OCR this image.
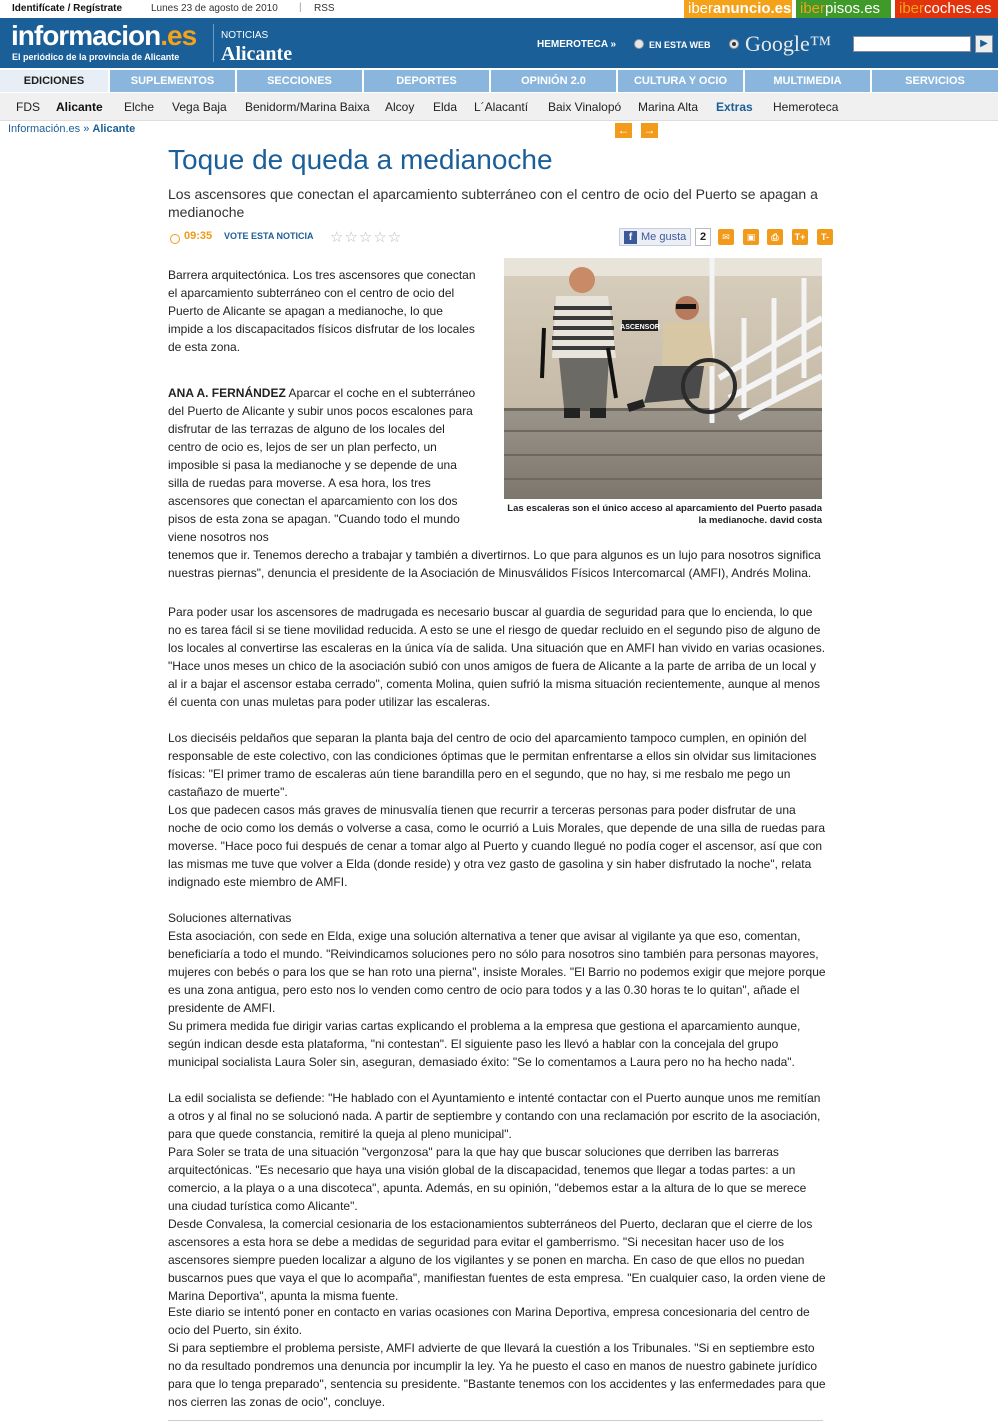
Identifícate / Regístrate	Lunes 23 de agosto de 2010 | RSS	iberanuncio.es iberpisos.es	ibercoches.es
informacion.es
El periódico de la provincia de Alicante
NOTICIAS
Alicante	HEMEROTECA »	EN ESTA WEB Google™	▶
EDICIONES	SUPLEMENTOS	SECCIONES	DEPORTES	OPINIÓN 2.0	CULTURA Y OCIO	MULTIMEDIA	SERVICIOS
FDS Alicante Elche Vega Baja Benidorm/Marina Baixa Alcoy Elda L´Alacantí Baix Vinalopó Marina Alta Extras Hemeroteca
Información.es » Alicante	← →
Toque de queda a medianoche
Los ascensores que conectan el aparcamiento subterráneo con el centro de ocio del Puerto se apagan a medianoche
09:35 VOTE ESTA NOTICIA ☆☆☆☆☆	f Me gusta	2	✉	▣	⎙	T+	T-
ASCENSOR
Las escaleras son el único acceso al aparcamiento del Puerto pasada la medianoche. david costa

Barrera arquitectónica. Los tres ascensores que conectan el aparcamiento subterráneo con el centro de ocio del Puerto de Alicante se apagan a medianoche, lo que impide a los discapacitados físicos disfrutar de los locales de esta zona.

ANA A. FERNÁNDEZ Aparcar el coche en el subterráneo del Puerto de Alicante y subir unos pocos escalones para disfrutar de las terrazas de alguno de los locales del centro de ocio es, lejos de ser un plan perfecto, un imposible si pasa la medianoche y se depende de una silla de ruedas para moverse. A esa hora, los tres ascensores que conectan el aparcamiento con los dos pisos de esta zona se apagan. "Cuando todo el mundo viene nosotros nos

tenemos que ir. Tenemos derecho a trabajar y también a divertirnos. Lo que para algunos es un lujo para nosotros significa nuestras piernas", denuncia el presidente de la Asociación de Minusválidos Físicos Intercomarcal (AMFI), Andrés Molina.

Para poder usar los ascensores de madrugada es necesario buscar al guardia de seguridad para que lo encienda, lo que no es tarea fácil si se tiene movilidad reducida. A esto se une el riesgo de quedar recluido en el segundo piso de alguno de los locales al convertirse las escaleras en la única vía de salida. Una situación que en AMFI han vivido en varias ocasiones. "Hace unos meses un chico de la asociación subió con unos amigos de fuera de Alicante a la parte de arriba de un local y al ir a bajar el ascensor estaba cerrado", comenta Molina, quien sufrió la misma situación recientemente, aunque al menos él cuenta con unas muletas para poder utilizar las escaleras.

Los dieciséis peldaños que separan la planta baja del centro de ocio del aparcamiento tampoco cumplen, en opinión del responsable de este colectivo, con las condiciones óptimas que le permitan enfrentarse a ellos sin olvidar sus limitaciones físicas: "El primer tramo de escaleras aún tiene barandilla pero en el segundo, que no hay, si me resbalo me pego un castañazo de muerte".

Los que padecen casos más graves de minusvalía tienen que recurrir a terceras personas para poder disfrutar de una noche de ocio como los demás o volverse a casa, como le ocurrió a Luis Morales, que depende de una silla de ruedas para moverse. "Hace poco fui después de cenar a tomar algo al Puerto y cuando llegué no podía coger el ascensor, así que con las mismas me tuve que volver a Elda (donde reside) y otra vez gasto de gasolina y sin haber disfrutado la noche", relata indignado este miembro de AMFI.

Soluciones alternativas

Esta asociación, con sede en Elda, exige una solución alternativa a tener que avisar al vigilante ya que eso, comentan, beneficiaría a todo el mundo. "Reivindicamos soluciones pero no sólo para nosotros sino también para personas mayores, mujeres con bebés o para los que se han roto una pierna", insiste Morales. "El Barrio no podemos exigir que mejore porque es una zona antigua, pero esto nos lo venden como centro de ocio para todos y a las 0.30 horas te lo quitan", añade el presidente de AMFI.

Su primera medida fue dirigir varias cartas explicando el problema a la empresa que gestiona el aparcamiento aunque, según indican desde esta plataforma, "ni contestan". El siguiente paso les llevó a hablar con la concejala del grupo municipal socialista Laura Soler sin, aseguran, demasiado éxito: "Se lo comentamos a Laura pero no ha hecho nada".

La edil socialista se defiende: "He hablado con el Ayuntamiento e intenté contactar con el Puerto aunque unos me remitían a otros y al final no se solucionó nada. A partir de septiembre y contando con una reclamación por escrito de la asociación, para que quede constancia, remitiré la queja al pleno municipal".

Para Soler se trata de una situación "vergonzosa" para la que hay que buscar soluciones que derriben las barreras arquitectónicas. "Es necesario que haya una visión global de la discapacidad, tenemos que llegar a todas partes: a un comercio, a la playa o a una discoteca", apunta. Además, en su opinión, "debemos estar a la altura de lo que se merece una ciudad turística como Alicante".

Desde Convalesa, la comercial cesionaria de los estacionamientos subterráneos del Puerto, declaran que el cierre de los ascensores a esta hora se debe a medidas de seguridad para evitar el gamberrismo. "Si necesitan hacer uso de los ascensores siempre pueden localizar a alguno de los vigilantes y se ponen en marcha. En caso de que ellos no puedan buscarnos pues que vaya el que lo acompaña", manifiestan fuentes de esta empresa. "En cualquier caso, la orden viene de Marina Deportiva", apunta la misma fuente.

Este diario se intentó poner en contacto en varias ocasiones con Marina Deportiva, empresa concesionaria del centro de ocio del Puerto, sin éxito.

Si para septiembre el problema persiste, AMFI advierte de que llevará la cuestión a los Tribunales. "Si en septiembre esto no da resultado pondremos una denuncia por incumplir la ley. Ya he puesto el caso en manos de nuestro gabinete jurídico para que lo tenga preparado", sentencia su presidente. "Bastante tenemos con los accidentes y las enfermedades para que nos cierren las zonas de ocio", concluye.
